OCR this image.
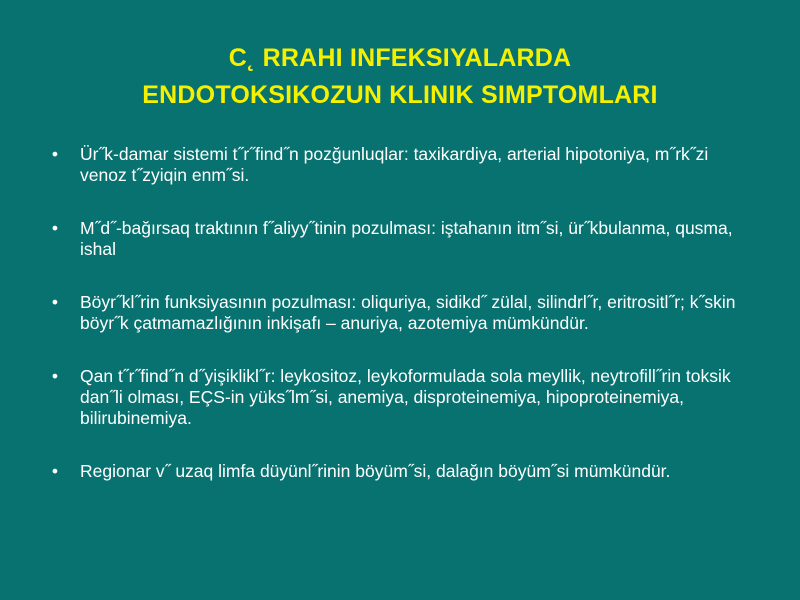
C˛ RRAHI INFEKSIYALARDA
ENDOTOKSIKOZUN KLINIK SIMPTOMLARI
• Ür˝k-damar sistemi t˝r˝find˝n pozğunluqlar: taxikardiya, arterial hipotoniya, m˝rk˝zi venoz t˝zyiqin enm˝si.
• M˝d˝-bağırsaq traktının f˝aliyy˝tinin pozulması: iştahanın itm˝si, ür˝kbulanma, qusma, ishal
• Böyr˝kl˝rin funksiyasının pozulması: oliquriya, sidikd˝ zülal, silindrl˝r, eritrositl˝r; k˝skin böyr˝k çatmamazlığının inkişafı – anuriya, azotemiya mümkündür.
• Qan t˝r˝find˝n d˝yişiklikl˝r: leykositoz, leykoformulada sola meyllik, neytrofill˝rin toksik dan˝li olması, EÇS-in yüks˝lm˝si, anemiya, disproteinemiya, hipoproteinemiya, bilirubinemiya.
• Regionar v˝ uzaq limfa düyünl˝rinin böyüm˝si, dalağın böyüm˝si mümkündür.
